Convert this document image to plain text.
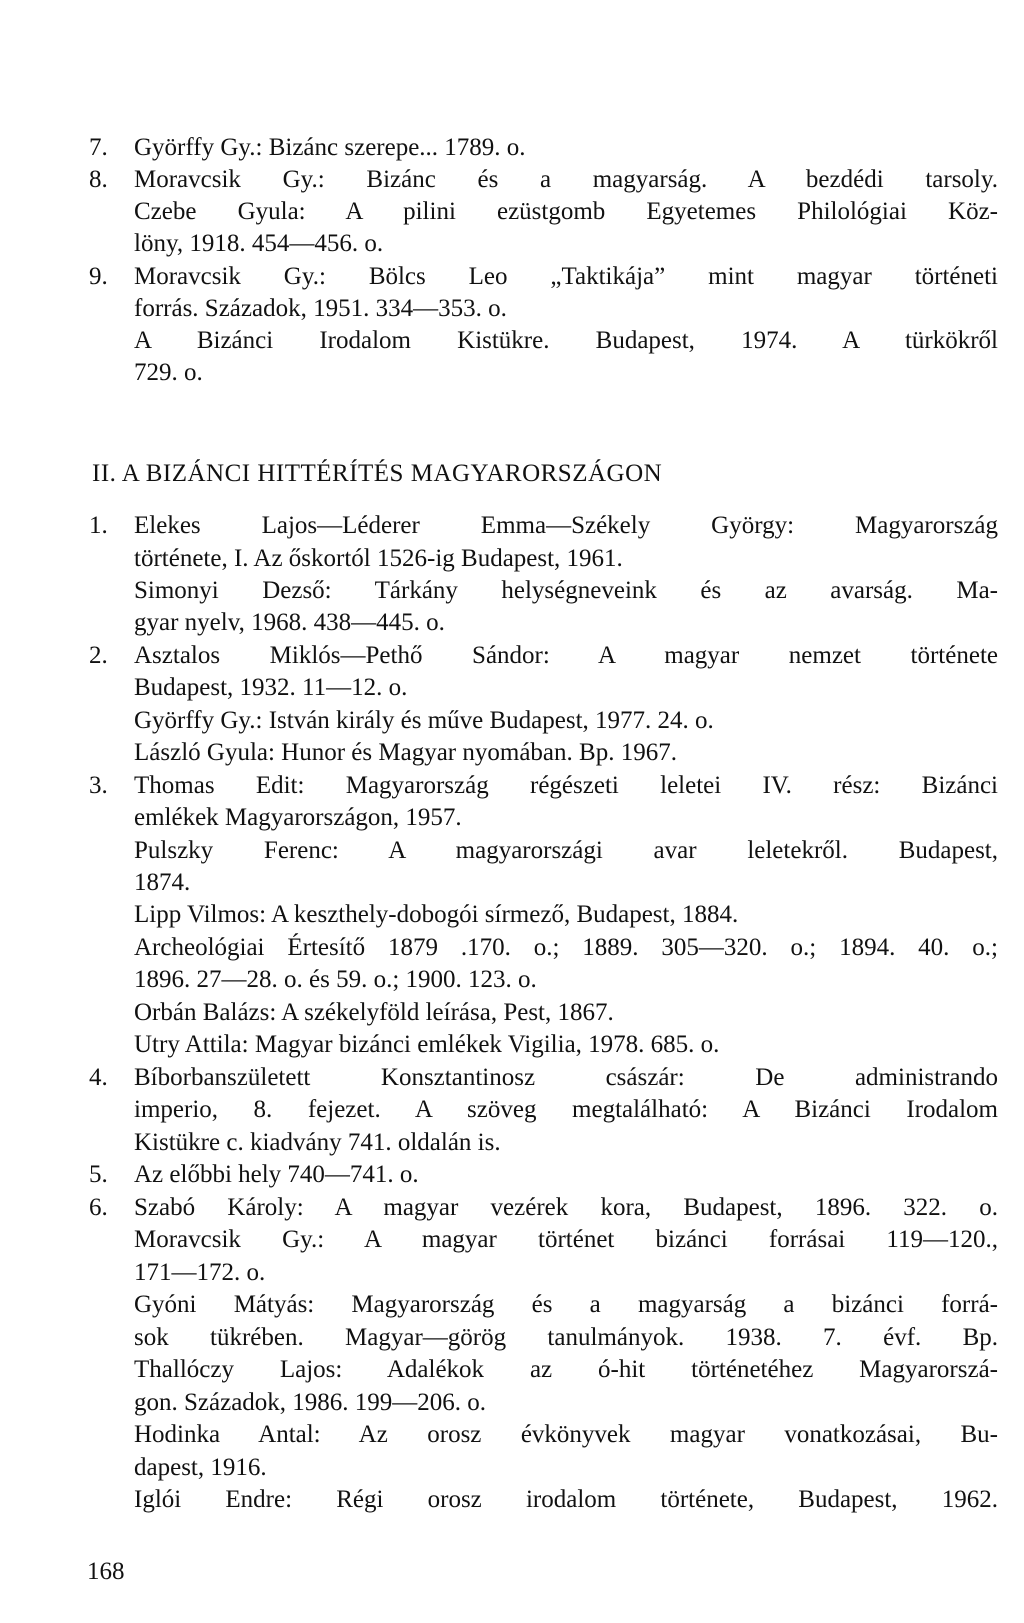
7. Györffy Gy.: Bizánc szerepe... 1789. o.
8. Moravcsik Gy.: Bizánc és a magyarság. A bezdédi tarsoly.
Czebe Gyula: A pilini ezüstgomb Egyetemes Philológiai Köz-
löny, 1918. 454—456. o.
9. Moravcsik Gy.: Bölcs Leo „Taktikája” mint magyar történeti
forrás. Századok, 1951. 334—353. o.
A Bizánci Irodalom Kistükre. Budapest, 1974. A türkökről
729. o.
II. A BIZÁNCI HITTÉRÍTÉS MAGYARORSZÁGON
1. Elekes Lajos—Léderer Emma—Székely György: Magyarország
története, I. Az őskortól 1526-ig Budapest, 1961.
Simonyi Dezső: Tárkány helységneveink és az avarság. Ma-
gyar nyelv, 1968. 438—445. o.
2. Asztalos Miklós—Pethő Sándor: A magyar nemzet története
Budapest, 1932. 11—12. o.
Györffy Gy.: István király és műve Budapest, 1977. 24. o.
László Gyula: Hunor és Magyar nyomában. Bp. 1967.
3. Thomas Edit: Magyarország régészeti leletei IV. rész: Bizánci
emlékek Magyarországon, 1957.
Pulszky Ferenc: A magyarországi avar leletekről. Budapest,
1874.
Lipp Vilmos: A keszthely-dobogói sírmező, Budapest, 1884.
Archeológiai Értesítő 1879 .170. o.; 1889. 305—320. o.; 1894. 40. o.;
1896. 27—28. o. és 59. o.; 1900. 123. o.
Orbán Balázs: A székelyföld leírása, Pest, 1867.
Utry Attila: Magyar bizánci emlékek Vigilia, 1978. 685. o.
4. Bíborbanszületett Konsztantinosz császár: De administrando
imperio, 8. fejezet. A szöveg megtalálható: A Bizánci Irodalom
Kistükre c. kiadvány 741. oldalán is.
5. Az előbbi hely 740—741. o.
6. Szabó Károly: A magyar vezérek kora, Budapest, 1896. 322. o.
Moravcsik Gy.: A magyar történet bizánci forrásai 119—120.,
171—172. o.
Gyóni Mátyás: Magyarország és a magyarság a bizánci forrá-
sok tükrében. Magyar—görög tanulmányok. 1938. 7. évf. Bp.
Thallóczy Lajos: Adalékok az ó-hit történetéhez Magyarorszá-
gon. Századok, 1986. 199—206. o.
Hodinka Antal: Az orosz évkönyvek magyar vonatkozásai, Bu-
dapest, 1916.
Iglói Endre: Régi orosz irodalom története, Budapest, 1962.
168
